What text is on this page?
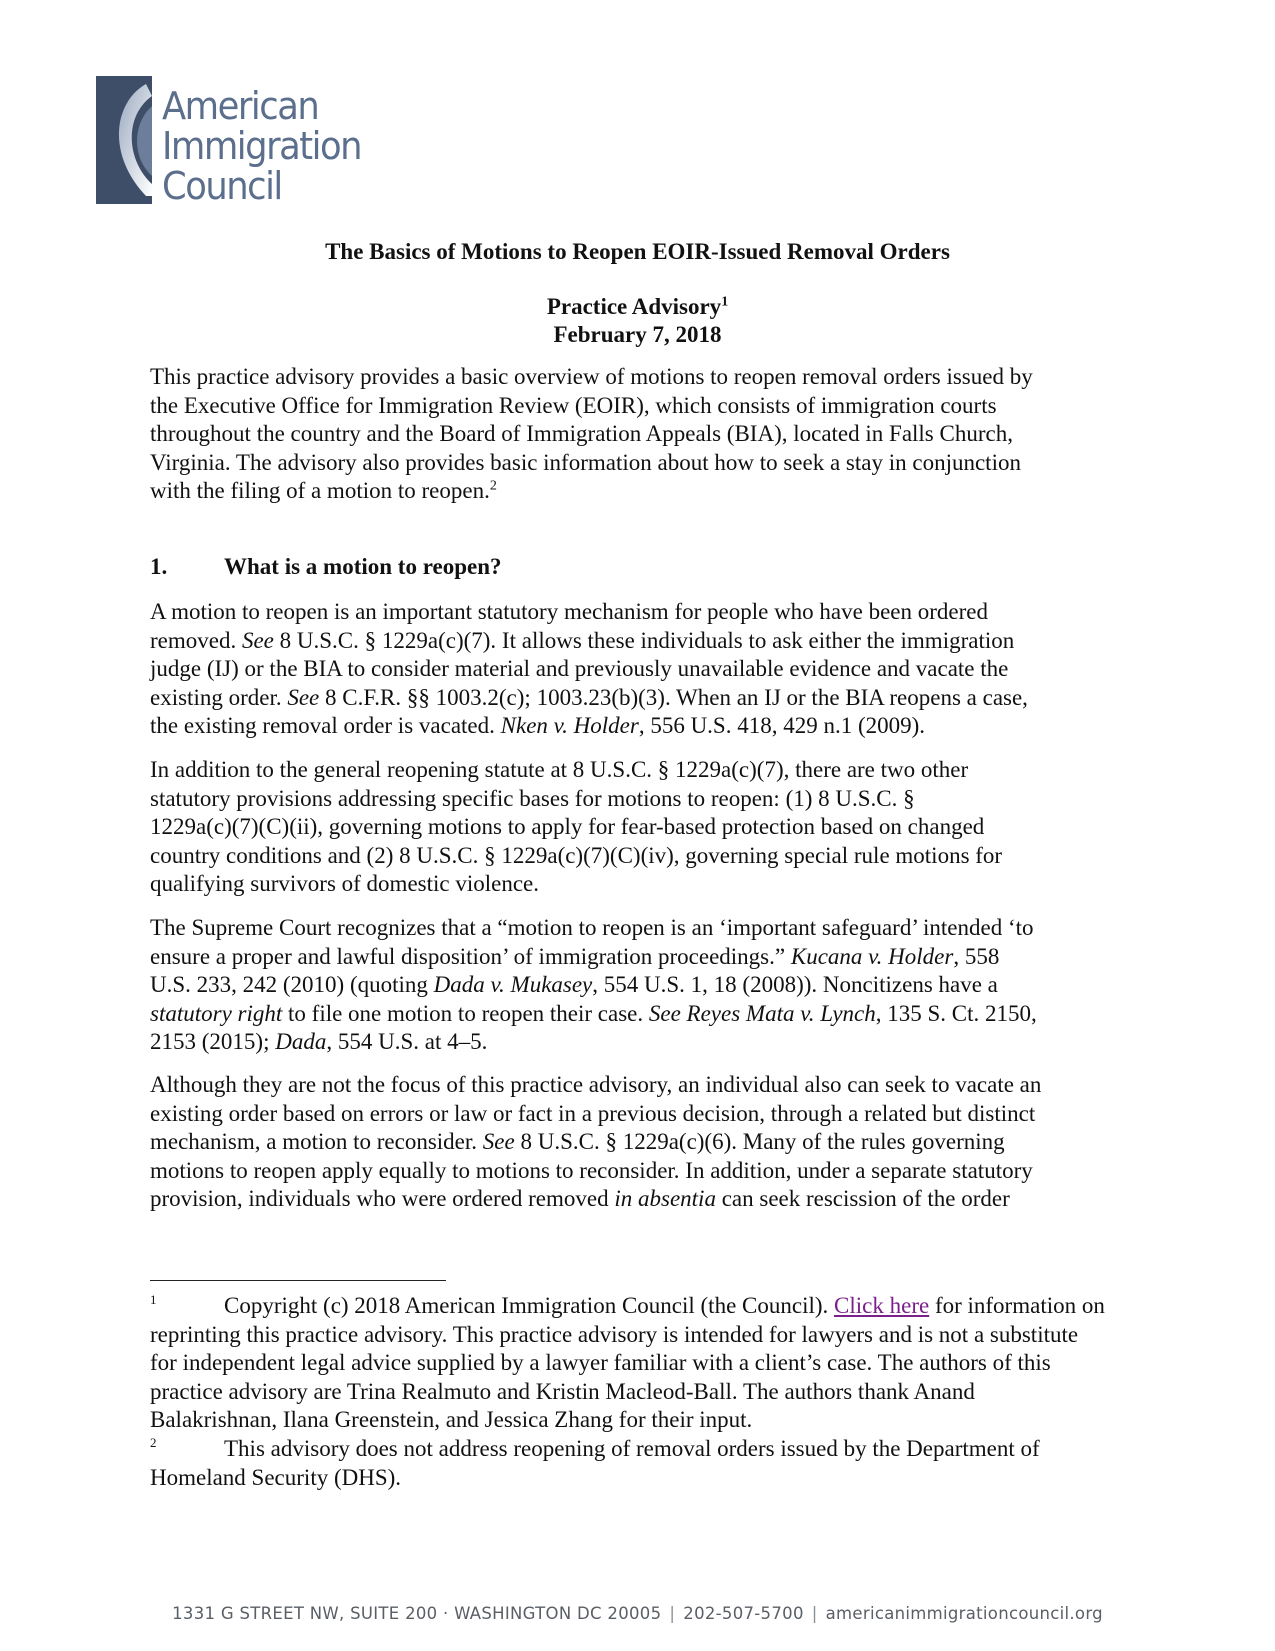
American
Immigration
Council
The Basics of Motions to Reopen EOIR-Issued Removal Orders
Practice Advisory$^1$
February 7, 2018
This practice advisory provides a basic overview of motions to reopen removal orders issued by
the Executive Office for Immigration Review (EOIR), which consists of immigration courts
throughout the country and the Board of Immigration Appeals (BIA), located in Falls Church,
Virginia. The advisory also provides basic information about how to seek a stay in conjunction
with the filing of a motion to reopen.$^2$
1. What is a motion to reopen?
A motion to reopen is an important statutory mechanism for people who have been ordered
removed. See 8 U.S.C. § 1229a(c)(7). It allows these individuals to ask either the immigration
judge (IJ) or the BIA to consider material and previously unavailable evidence and vacate the
existing order. See 8 C.F.R. §§ 1003.2(c); 1003.23(b)(3). When an IJ or the BIA reopens a case,
the existing removal order is vacated. Nken v. Holder, 556 U.S. 418, 429 n.1 (2009).
In addition to the general reopening statute at 8 U.S.C. § 1229a(c)(7), there are two other
statutory provisions addressing specific bases for motions to reopen: (1) 8 U.S.C. §
1229a(c)(7)(C)(ii), governing motions to apply for fear-based protection based on changed
country conditions and (2) 8 U.S.C. § 1229a(c)(7)(C)(iv), governing special rule motions for
qualifying survivors of domestic violence.
The Supreme Court recognizes that a “motion to reopen is an ‘important safeguard’ intended ‘to
ensure a proper and lawful disposition’ of immigration proceedings.” Kucana v. Holder, 558
U.S. 233, 242 (2010) (quoting Dada v. Mukasey, 554 U.S. 1, 18 (2008)). Noncitizens have a
statutory right to file one motion to reopen their case. See Reyes Mata v. Lynch, 135 S. Ct. 2150,
2153 (2015); Dada, 554 U.S. at 4–5.
Although they are not the focus of this practice advisory, an individual also can seek to vacate an
existing order based on errors or law or fact in a previous decision, through a related but distinct
mechanism, a motion to reconsider. See 8 U.S.C. § 1229a(c)(6). Many of the rules governing
motions to reopen apply equally to motions to reconsider. In addition, under a separate statutory
provision, individuals who were ordered removed in absentia can seek rescission of the order
1	Copyright (c) 2018 American Immigration Council (the Council). Click here for information on
reprinting this practice advisory. This practice advisory is intended for lawyers and is not a substitute
for independent legal advice supplied by a lawyer familiar with a client’s case. The authors of this
practice advisory are Trina Realmuto and Kristin Macleod-Ball. The authors thank Anand
Balakrishnan, Ilana Greenstein, and Jessica Zhang for their input.
2	This advisory does not address reopening of removal orders issued by the Department of
Homeland Security (DHS).
1331 G STREET NW, SUITE 200 · WASHINGTON DC 20005 | 202-507-5700 | americanimmigrationcouncil.org
